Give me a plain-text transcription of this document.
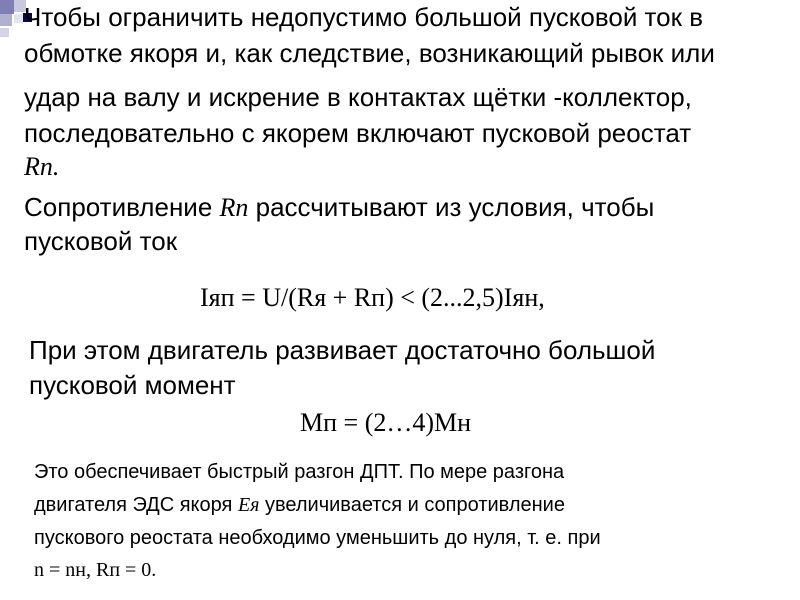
Чтобы ограничить недопустимо большой пусковой ток в
обмотке якоря и, как следствие, возникающий рывок или
удар на валу и искрение в контактах щётки -коллектор,
последовательно с якорем включают пусковой реостат
Rп.
Сопротивление Rп рассчитывают из условия, чтобы
пусковой ток
Iяп = U/(Rя + Rп) < (2...2,5)Iян,
При этом двигатель развивает достаточно большой
пусковой момент
Mп = (2…4)Mн
Это обеспечивает быстрый разгон ДПТ. По мере разгона
двигателя ЭДС якоря Eя увеличивается и сопротивление
пускового реостата необходимо уменьшить до нуля, т. е. при
n = nн, Rп = 0.
